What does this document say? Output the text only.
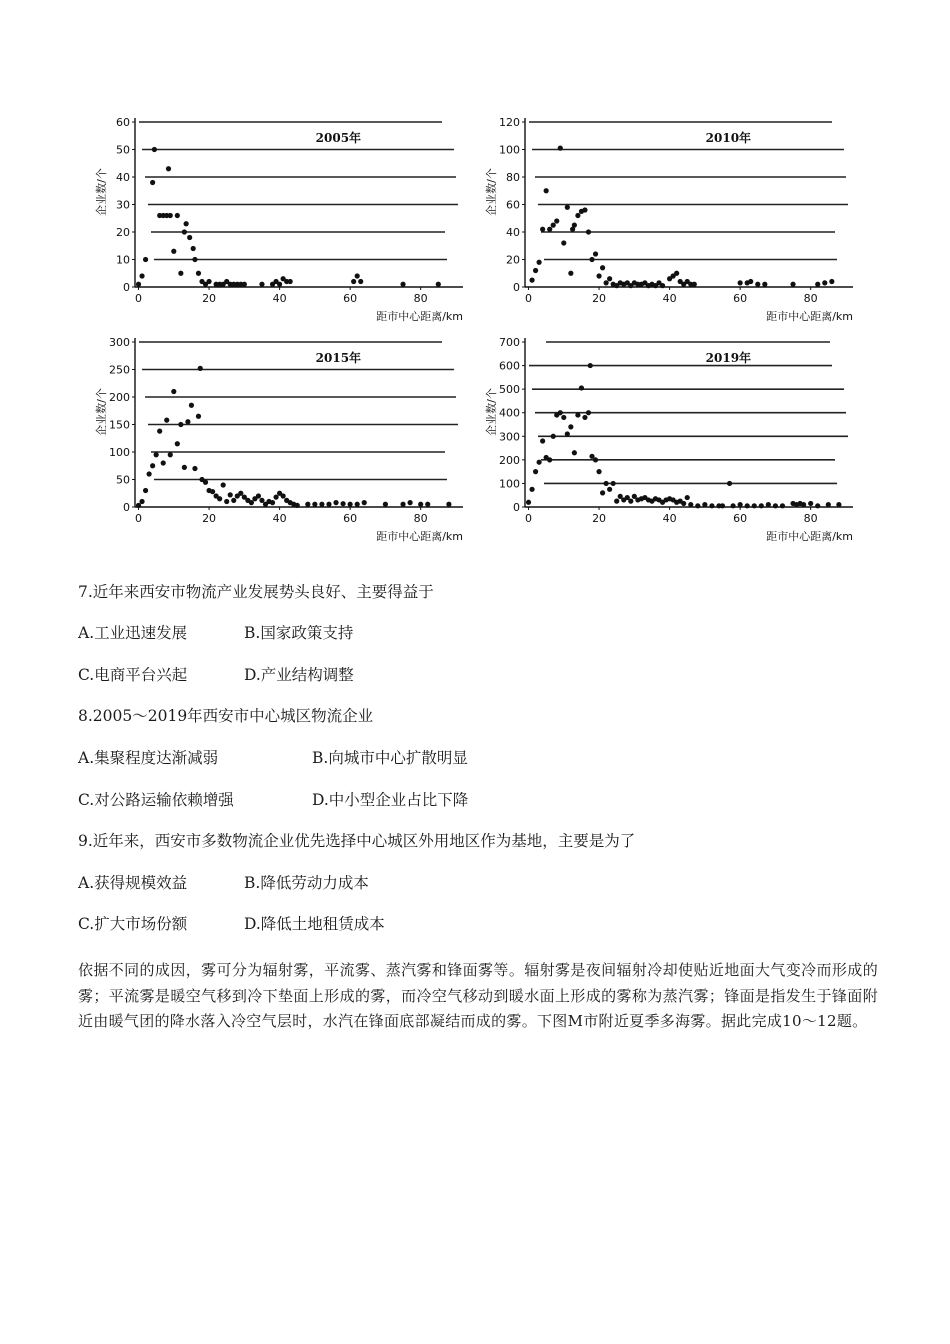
0
10
20
30
40
50
60
0	20	40	60	80
2005年
企业数/个
距市中心距离/km
0
20
40
60
80
100
120
0	20	40	60	80
2010年
企业数/个
距市中心距离/km
0
50
100
150
200
250
300
0	20	40	60	80
2015年
企业数/个
距市中心距离/km
0
100
200
300
400
500
600
700
0	20	40	60	80
2019年
企业数/个
距市中心距离/km
7.近年来西安市物流产业发展势头良好、主要得益于
A.工业迅速发展	B.国家政策支持
C.电商平台兴起	D.产业结构调整
8.2005～2019年西安市中心城区物流企业
A.集聚程度达渐减弱	B.向城市中心扩散明显
C.对公路运输依赖增强	D.中小型企业占比下降
9.近年来，西安市多数物流企业优先选择中心城区外用地区作为基地，主要是为了
A.获得规模效益	B.降低劳动力成本
C.扩大市场份额	D.降低土地租赁成本
依据不同的成因，雾可分为辐射雾，平流雾、蒸汽雾和锋面雾等。辐射雾是夜间辐射冷却使贴近地面大气变冷而形成的雾；平流雾是暖空气移到冷下垫面上形成的雾，而冷空气移动到暖水面上形成的雾称为蒸汽雾；锋面是指发生于锋面附近由暖气团的降水落入冷空气层时，水汽在锋面底部凝结而成的雾。下图M市附近夏季多海雾。据此完成10～12题。
